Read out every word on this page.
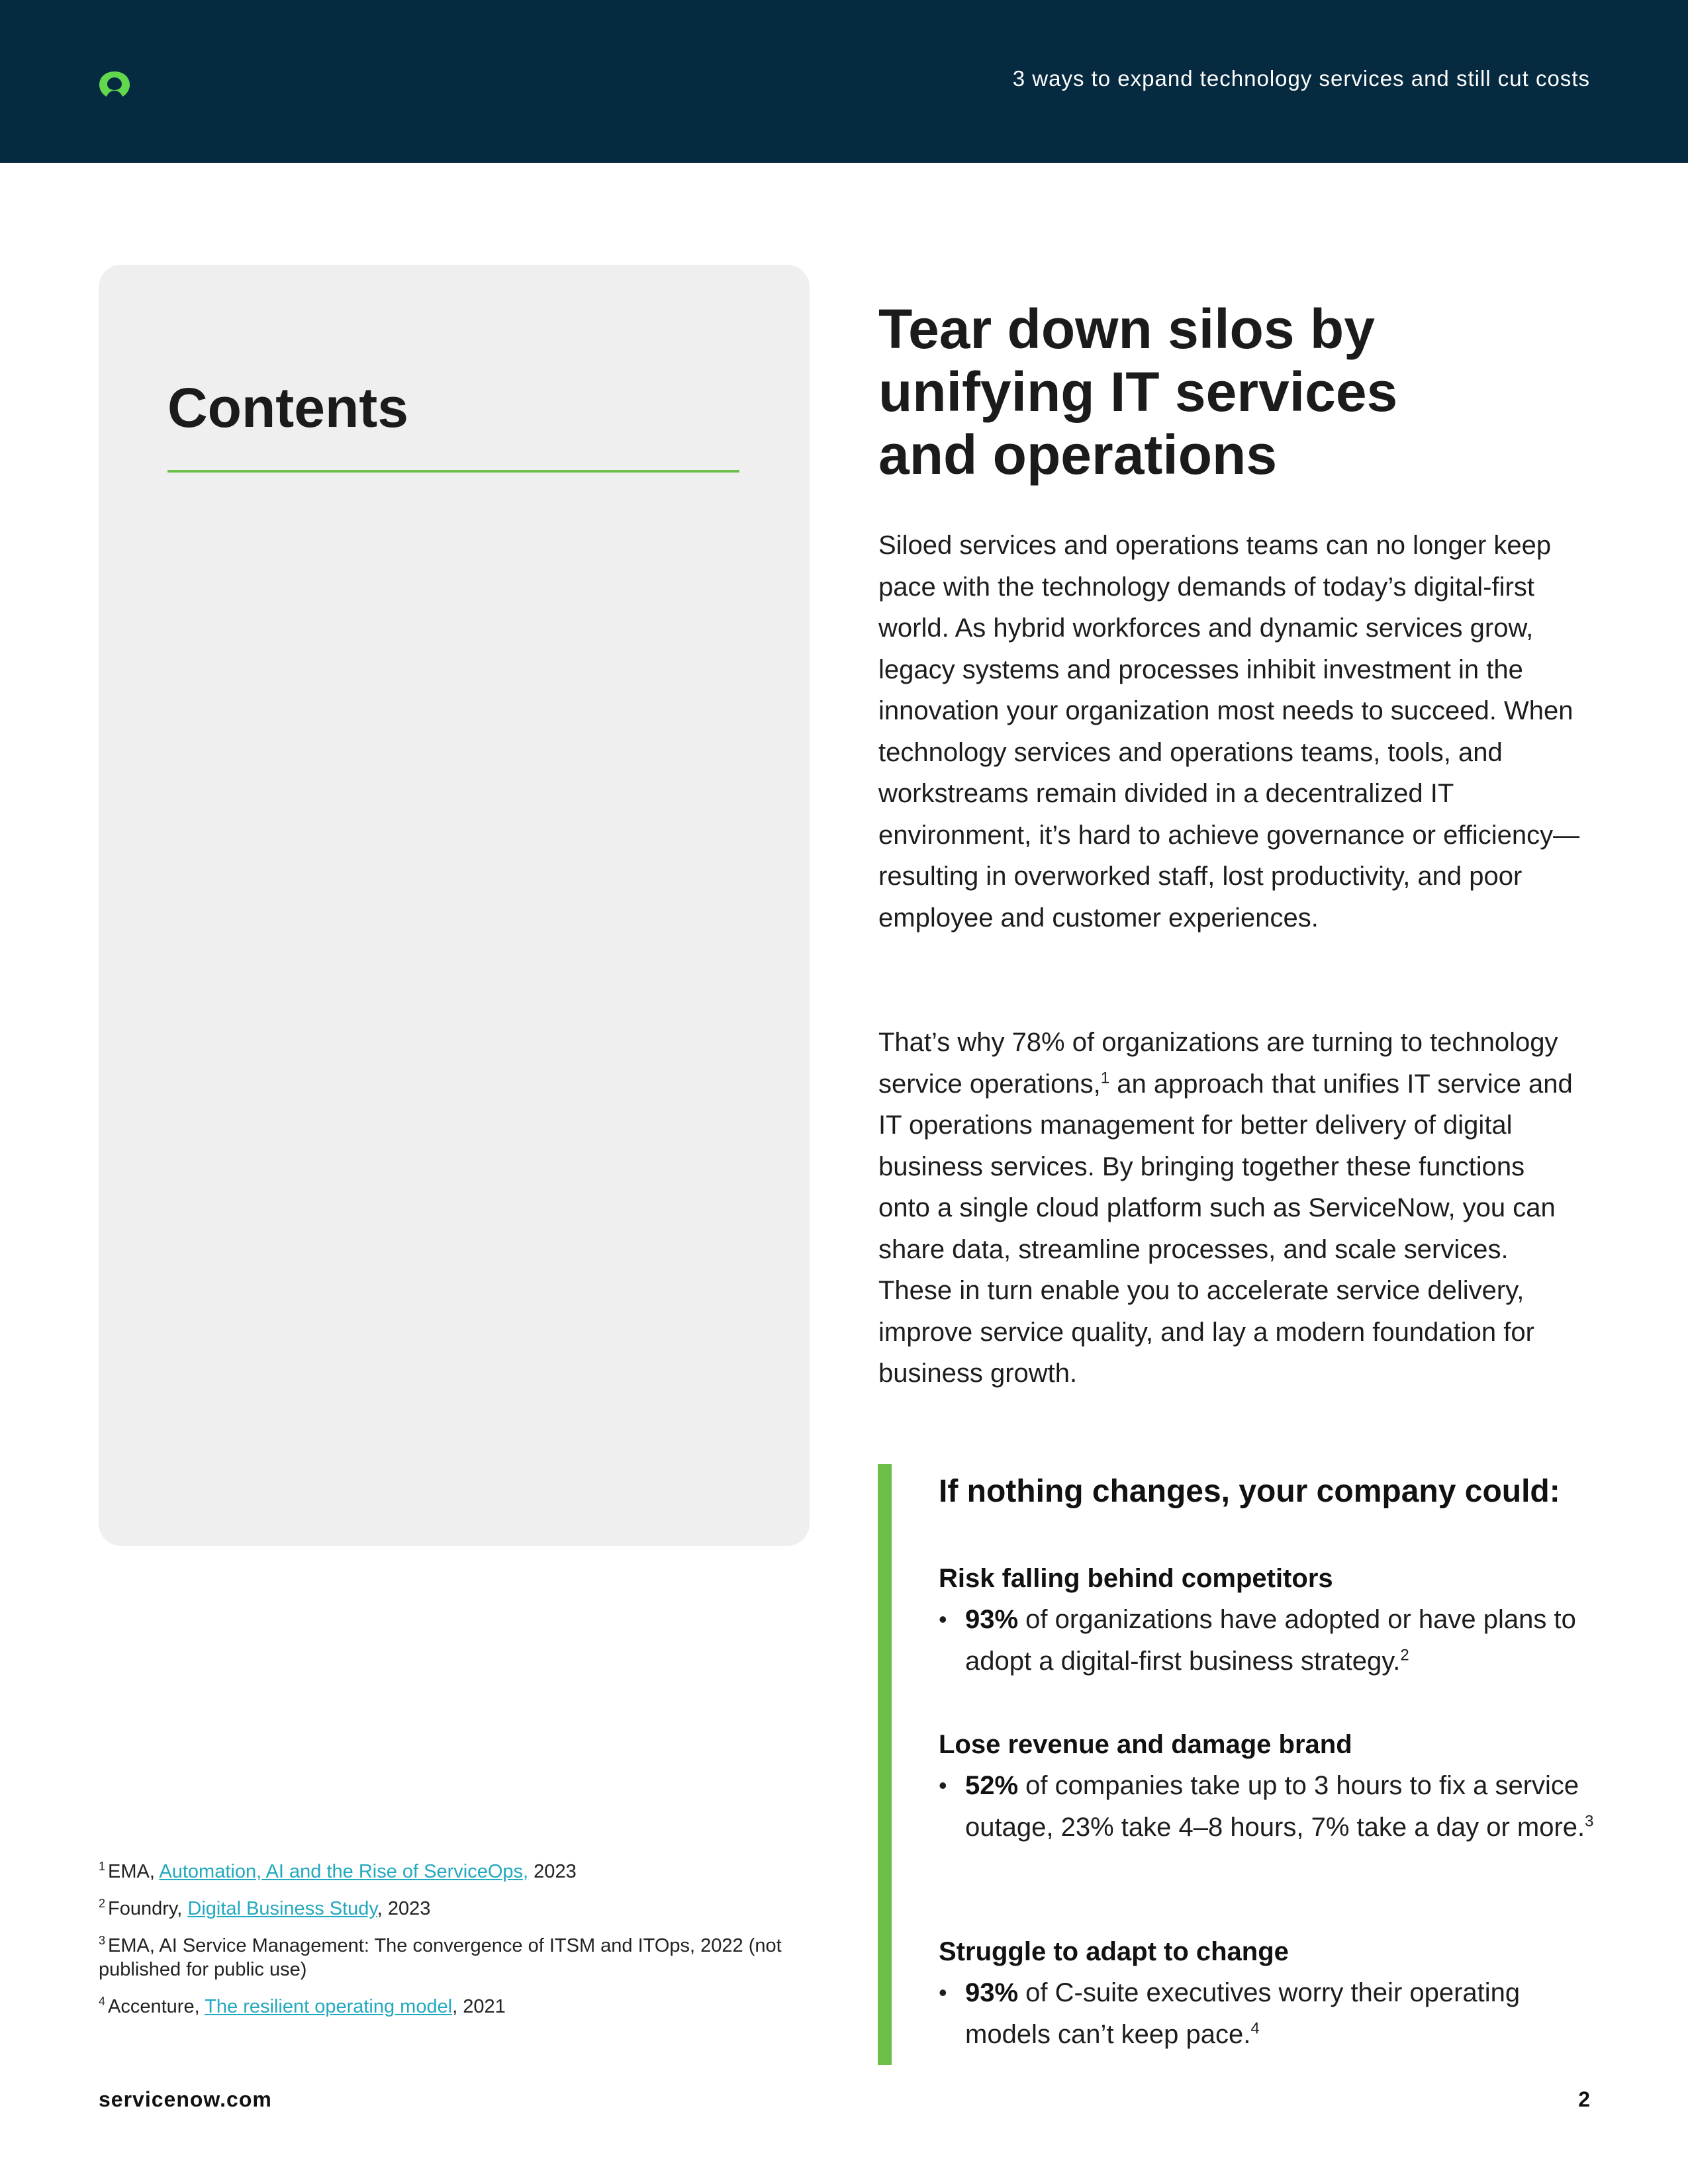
3 ways to expand technology services and still cut costs
Contents
Tear down silos by
unifying IT services
and operations

Siloed services and operations teams can no longer keep pace with the technology demands of today’s digital-first world. As hybrid workforces and dynamic services grow, legacy systems and processes inhibit investment in the innovation your organization most needs to succeed. When technology services and operations teams, tools, and workstreams remain divided in a decentralized IT environment, it’s hard to achieve governance or efficiency—resulting in overworked staff, lost productivity, and poor employee and customer experiences.

That’s why 78% of organizations are turning to technology service operations,$^1$ an approach that unifies IT service and IT operations management for better delivery of digital business services. By bringing together these functions onto a single cloud platform such as ServiceNow, you can share data, streamline processes, and scale services. These in turn enable you to accelerate service delivery, improve service quality, and lay a modern foundation for business growth.

If nothing changes, your company could:
Risk falling behind competitors
• 93% of organizations have adopted or have plans to adopt a digital-first business strategy.$^2$
Lose revenue and damage brand
• 52% of companies take up to 3 hours to fix a service outage, 23% take 4–8 hours, 7% take a day or more.$^3$
Struggle to adapt to change
• 93% of C-suite executives worry their operating models can’t keep pace.$^4$
$^1$ EMA, Automation, AI and the Rise of ServiceOps, 2023
$^2$ Foundry, Digital Business Study, 2023
$^3$ EMA, AI Service Management: The convergence of ITSM and ITOps, 2022 (not published for public use)
$^4$ Accenture, The resilient operating model, 2021
servicenow.com	2
